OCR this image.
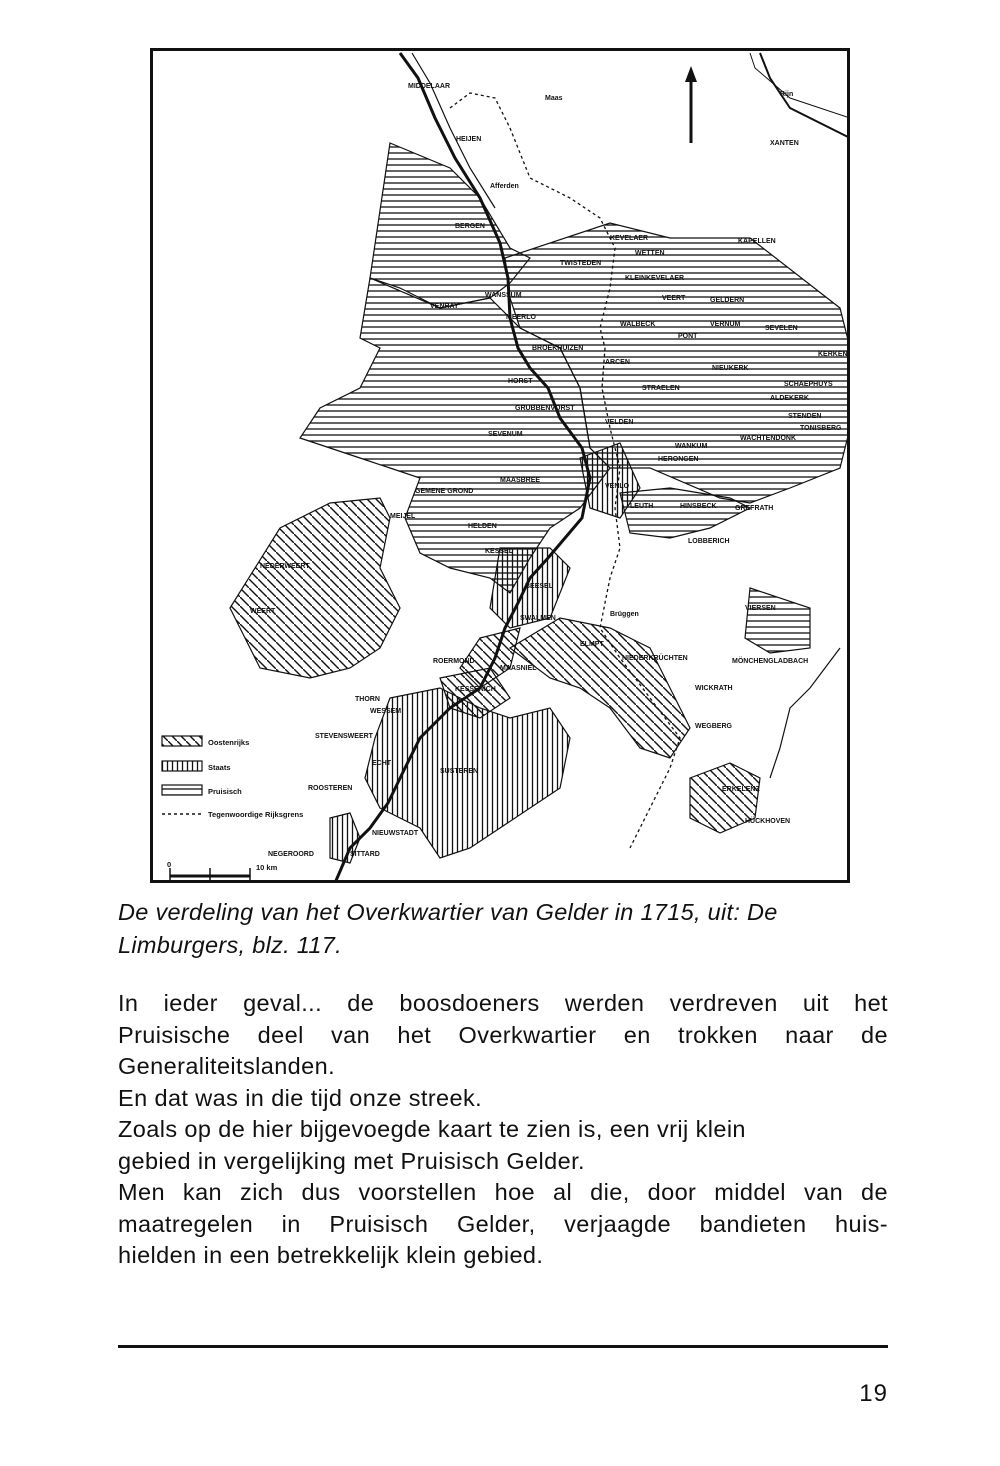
MIDDELAAR
Maas
XANTEN
Rijn
HEIJEN
Afferden
BERGEN
KAPELLEN
KEVELAER
WETTEN
TWISTEDEN
KLEINKEVELAER
VENRAY
WANSSUM	VEERT	GELDERN
MEERLO
WALBECK	VERNUM
SEVELEN
PONT
BROEKHUIZEN
ARCEN
HORST
NIEUKERK
KERKEN
STRAELEN
SCHAEPHUYS
ALDEKERK
GRUBBENVORST
STENDEN
SEVENUM
VELDEN
TONISBERG
WACHTENDONK
WANKUM
HERONGEN
MAASBREE
VENLO
GEMENE GROND
MEIJEL
LEUTH	HINSBECK	GREFRATH
HELDEN
LOBBERICH
KESSEL
BEESEL
NEDERWEERT
WEERT	VIERSEN
SWALMEN
Brüggen
ELMPT
ROERMOND	NIEDERKRÜCHTEN	MÖNCHENGLADBACH
MAASNIEL
KESSENICH
THORN
WESSEM
WICKRATH
WEGBERG
STEVENSWEERT
ECHT
ROOSTEREN	ERKELENZ
NIEUWSTADT
HÜCKHOVEN
SUSTEREN
NEGEROORD	SITTARD
Oostenrijks
Staats
Pruisisch
Tegenwoordige Rijksgrens
0	10 km
De verdeling van het Overkwartier van Gelder in 1715, uit: De Limburgers, blz. 117.

In ieder geval... de boosdoeners werden verdreven uit het

Pruisische deel van het Overkwartier en trokken naar de

Generaliteitslanden.

En dat was in die tijd onze streek.

Zoals op de hier bijgevoegde kaart te zien is, een vrij klein

gebied in vergelijking met Pruisisch Gelder.

Men kan zich dus voorstellen hoe al die, door middel van de

maatregelen in Pruisisch Gelder, verjaagde bandieten huis-

hielden in een betrekkelijk klein gebied.

19
